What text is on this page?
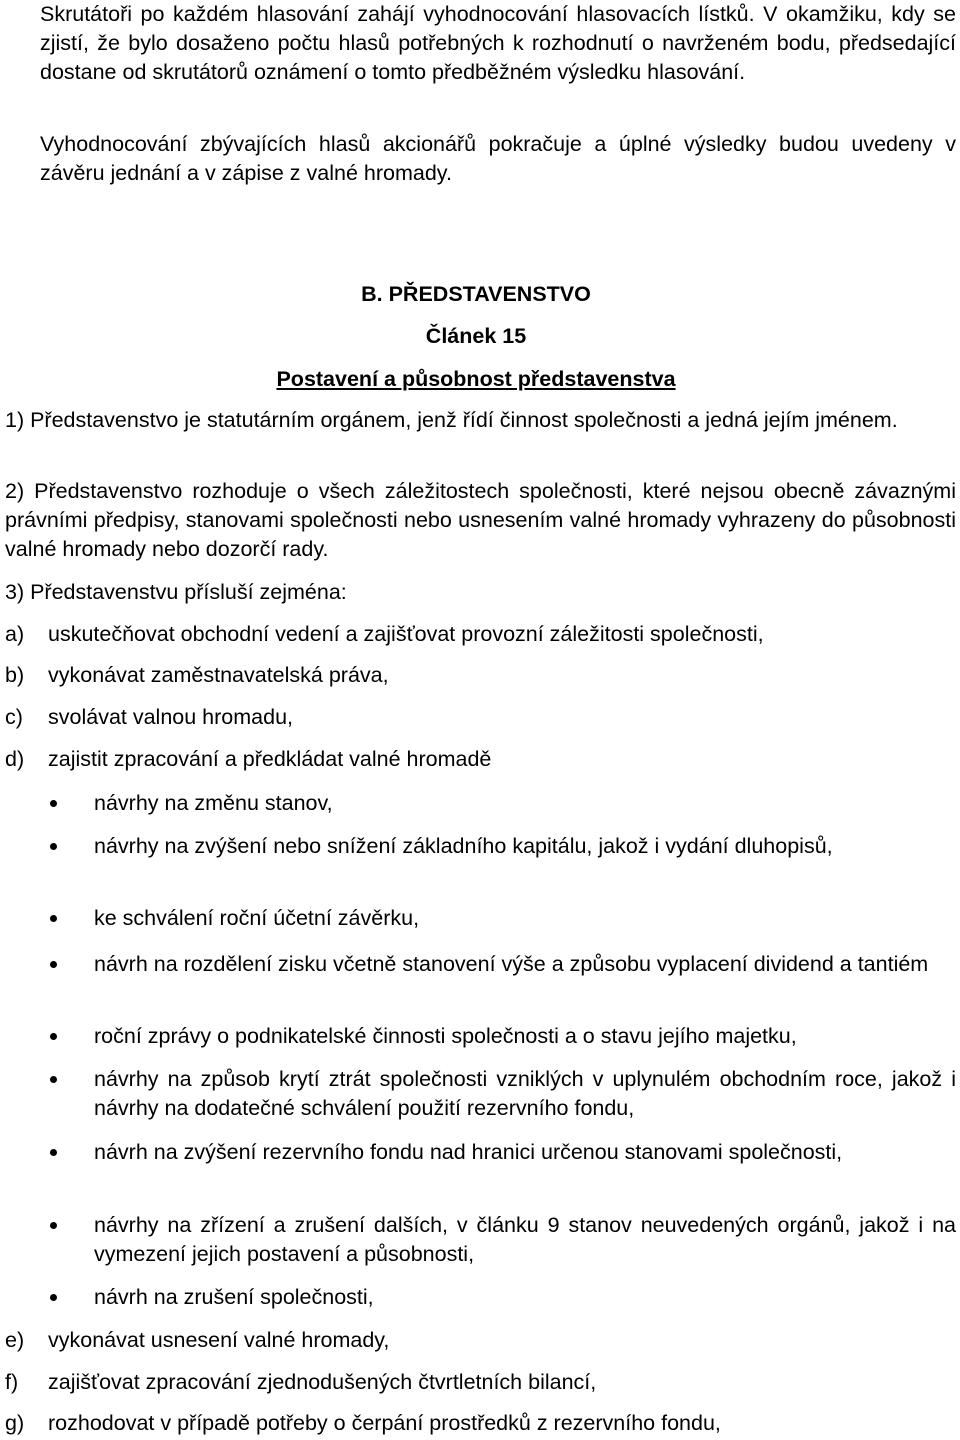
Skrutátoři po každém hlasování zahájí vyhodnocování hlasovacích lístků. V okamžiku, kdy se zjistí, že bylo dosaženo počtu hlasů potřebných k rozhodnutí o navrženém bodu, předsedající dostane od skrutátorů oznámení o tomto předběžném výsledku hlasování.

Vyhodnocování zbývajících hlasů akcionářů pokračuje a úplné výsledky budou uvedeny v závěru jednání a v zápise z valné hromady.

B. PŘEDSTAVENSTVO

Článek 15

Postavení a působnost představenstva

1) Představenstvo je statutárním orgánem, jenž řídí činnost společnosti a jedná jejím jménem.

2) Představenstvo rozhoduje o všech záležitostech společnosti, které nejsou obecně závaznými právními předpisy, stanovami společnosti nebo usnesením valné hromady vyhrazeny do působnosti valné hromady nebo dozorčí rady.

3) Představenstvu přísluší zejména:

a)	uskutečňovat obchodní vedení a zajišťovat provozní záležitosti společnosti,
b)	vykonávat zaměstnavatelská práva,
c)	svolávat valnou hromadu,
d)	zajistit zpracování a předkládat valné hromadě
návrhy na změnu stanov,
návrhy na zvýšení nebo snížení základního kapitálu, jakož i vydání dluhopisů,
ke schválení roční účetní závěrku,
návrh na rozdělení zisku včetně stanovení výše a způsobu vyplacení dividend a tantiém
roční zprávy o podnikatelské činnosti společnosti a o stavu jejího majetku,
návrhy na způsob krytí ztrát společnosti vzniklých v uplynulém obchodním roce, jakož i návrhy na dodatečné schválení použití rezervního fondu,
návrh na zvýšení rezervního fondu nad hranici určenou stanovami společnosti,
návrhy na zřízení a zrušení dalších, v článku 9 stanov neuvedených orgánů, jakož i na vymezení jejich postavení a působnosti,
návrh na zrušení společnosti,
e)	vykonávat usnesení valné hromady,
f)	zajišťovat zpracování zjednodušených čtvrtletních bilancí,
g)	rozhodovat v případě potřeby o čerpání prostředků z rezervního fondu,
